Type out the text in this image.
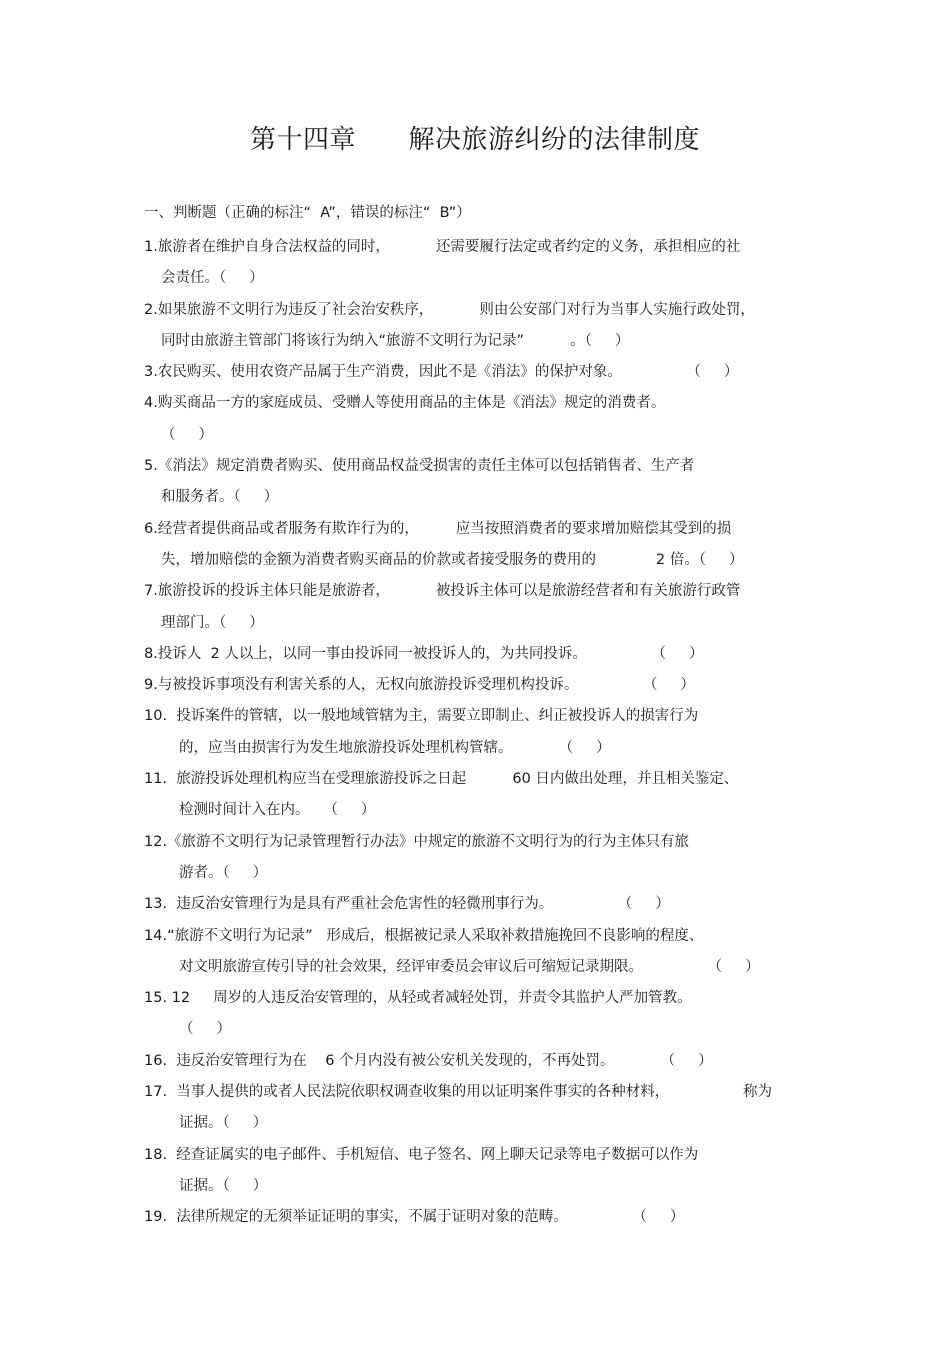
第十四章      解决旅游纠纷的法律制度
一、判断题（正确的标注“  A”，错误的标注“  B”）
1.旅游者在维护自身合法权益的同时，          还需要履行法定或者约定的义务，承担相应的社
会责任。（     ）
2.如果旅游不文明行为违反了社会治安秩序，          则由公安部门对行为当事人实施行政处罚，
同时由旅游主管部门将该行为纳入“旅游不文明行为记录”          。（     ）
3.农民购买、使用农资产品属于生产消费，因此不是《消法》的保护对象。              （     ）
4.购买商品一方的家庭成员、受赠人等使用商品的主体是《消法》规定的消费者。
（     ）
5.《消法》规定消费者购买、使用商品权益受损害的责任主体可以包括销售者、生产者
和服务者。（     ）
6.经营者提供商品或者服务有欺诈行为的，        应当按照消费者的要求增加赔偿其受到的损
失，增加赔偿的金额为消费者购买商品的价款或者接受服务的费用的             2 倍。（     ）
7.旅游投诉的投诉主体只能是旅游者，          被投诉主体可以是旅游经营者和有关旅游行政管
理部门。（     ）
8.投诉人  2 人以上，以同一事由投诉同一被投诉人的，为共同投诉。              （     ）
9.与被投诉事项没有利害关系的人，无权向旅游投诉受理机构投诉。              （     ）
10.  投诉案件的管辖，以一般地域管辖为主，需要立即制止、纠正被投诉人的损害行为
的，应当由损害行为发生地旅游投诉处理机构管辖。          （     ）
11.  旅游投诉处理机构应当在受理旅游投诉之日起          60 日内做出处理，并且相关鉴定、
检测时间计入在内。   （     ）
12.《旅游不文明行为记录管理暂行办法》中规定的旅游不文明行为的行为主体只有旅
游者。（     ）
13.  违反治安管理行为是具有严重社会危害性的轻微刑事行为。              （     ）
14.“旅游不文明行为记录”   形成后，根据被记录人采取补救措施挽回不良影响的程度、
对文明旅游宣传引导的社会效果，经评审委员会审议后可缩短记录期限。              （     ）
15. 12     周岁的人违反治安管理的，从轻或者减轻处罚，并责令其监护人严加管教。
（     ）
16.  违反治安管理行为在    6 个月内没有被公安机关发现的，不再处罚。          （     ）
17.  当事人提供的或者人民法院依职权调查收集的用以证明案件事实的各种材料，                称为
证据。（     ）
18.  经查证属实的电子邮件、手机短信、电子签名、网上聊天记录等电子数据可以作为
证据。（     ）
19.  法律所规定的无须举证证明的事实，不属于证明对象的范畴。              （     ）
